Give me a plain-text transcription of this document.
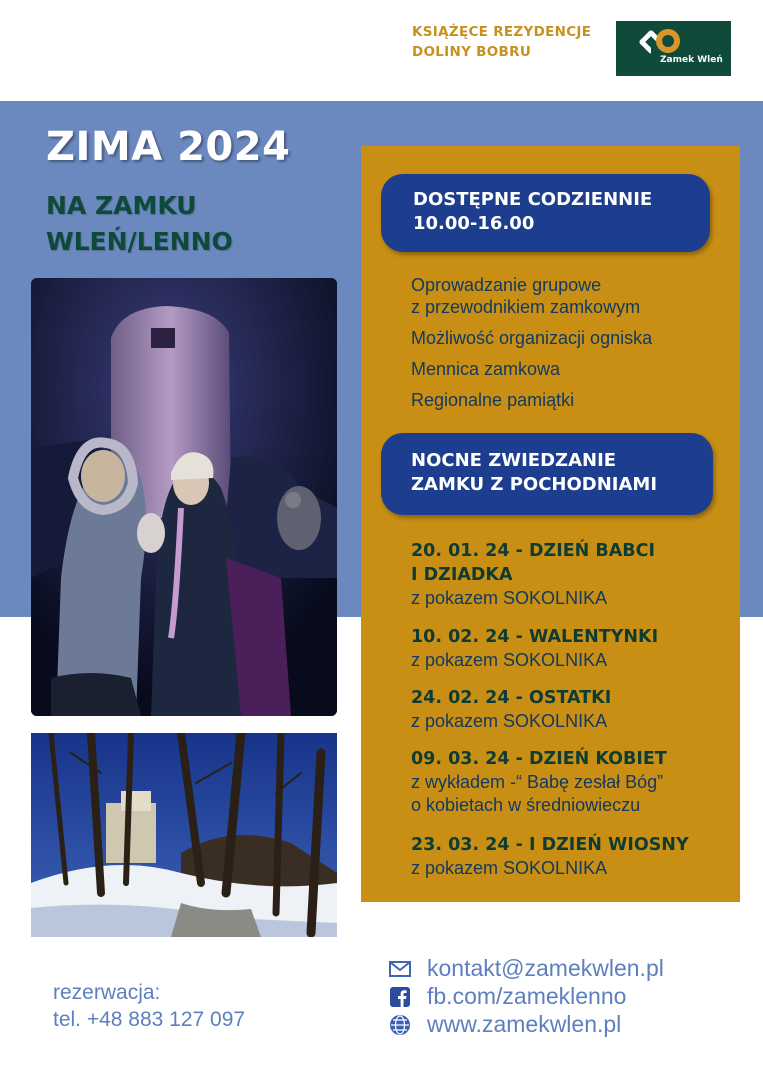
KSIĄŻĘCE REZYDENCJE
DOLINY BOBRU	Zamek Wleń
ZIMA 2024
NA ZAMKU
WLEŃ/LENNO
DOSTĘPNE CODZIENNIE
10.00-16.00
Oprowadzanie grupowe
z przewodnikiem zamkowym
Możliwość organizacji ogniska
Mennica zamkowa
Regionalne pamiątki
NOCNE ZWIEDZANIE
ZAMKU Z POCHODNIAMI
20. 01. 24 - DZIEŃ BABCI
I DZIADKA
z pokazem SOKOLNIKA
10. 02. 24 - WALENTYNKI
z pokazem SOKOLNIKA
24. 02. 24 - OSTATKI
z pokazem SOKOLNIKA
09. 03. 24 - DZIEŃ KOBIET
z wykładem -“ Babę zesłał Bóg”
o kobietach w średniowieczu
23. 03. 24 - I DZIEŃ WIOSNY
z pokazem SOKOLNIKA
rezerwacja:
tel. +48 883 127 097
kontakt@zamekwlen.pl
fb.com/zameklenno
www.zamekwlen.pl
